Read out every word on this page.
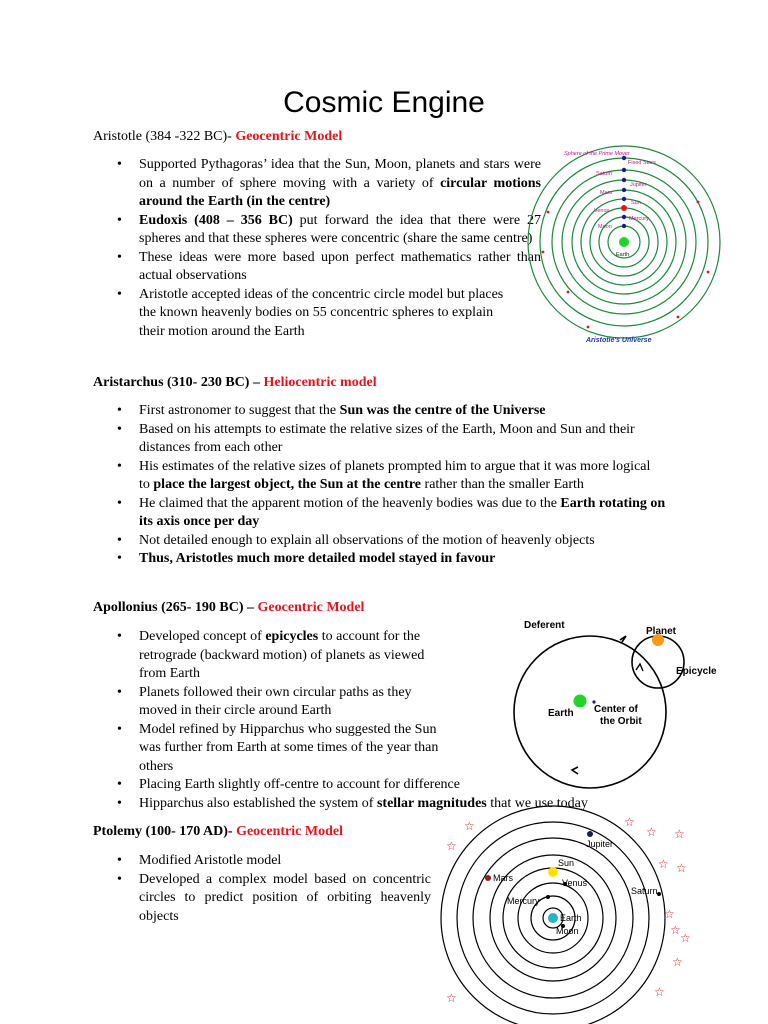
Cosmic Engine

Aristotle (384 -322 BC)- Geocentric Model

• Supported Pythagoras’ idea that the Sun, Moon, planets and stars were on a number of sphere moving with a variety of circular motions around the Earth (in the centre)
• Eudoxis (408 – 356 BC) put forward the idea that there were 27 spheres and that these spheres were concentric (share the same centre)
• These ideas were more based upon perfect mathematics rather than actual observations
• Aristotle accepted ideas of the concentric circle model but places the known heavenly bodies on 55 concentric spheres to explain their motion around the Earth
Sphere of the Prime Mover
Fixed Stars
Saturn
Jupiter
Mars
Sun
Venus
Mercury
Moon
Earth
Aristotle's Universe

Aristarchus (310- 230 BC) – Heliocentric model

• First astronomer to suggest that the Sun was the centre of the Universe
• Based on his attempts to estimate the relative sizes of the Earth, Moon and Sun and their distances from each other
• His estimates of the relative sizes of planets prompted him to argue that it was more logical to place the largest object, the Sun at the centre rather than the smaller Earth
• He claimed that the apparent motion of the heavenly bodies was due to the Earth rotating on its axis once per day
• Not detailed enough to explain all observations of the motion of heavenly objects
• Thus, Aristotles much more detailed model stayed in favour

Apollonius (265- 190 BC) – Geocentric Model

• Developed concept of epicycles to account for the retrograde (backward motion) of planets as viewed from Earth
• Planets followed their own circular paths as they moved in their circle around Earth
• Model refined by Hipparchus who suggested the Sun was further from Earth at some times of the year than others
• Placing Earth slightly off-centre to account for difference
• Hipparchus also established the system of stellar magnitudes that we use today
Deferent
Planet
Epicycle
Earth Center of the Orbit

Ptolemy (100- 170 AD)- Geocentric Model

• Modified Aristotle model
• Developed a complex model based on concentric circles to predict position of orbiting heavenly objects
Jupiter
Sun
Mars	Venus
Saturn
Mercury
Earth
Moon
☆
☆
☆
☆ ☆
☆ ☆
☆
☆
☆
☆
☆
☆
